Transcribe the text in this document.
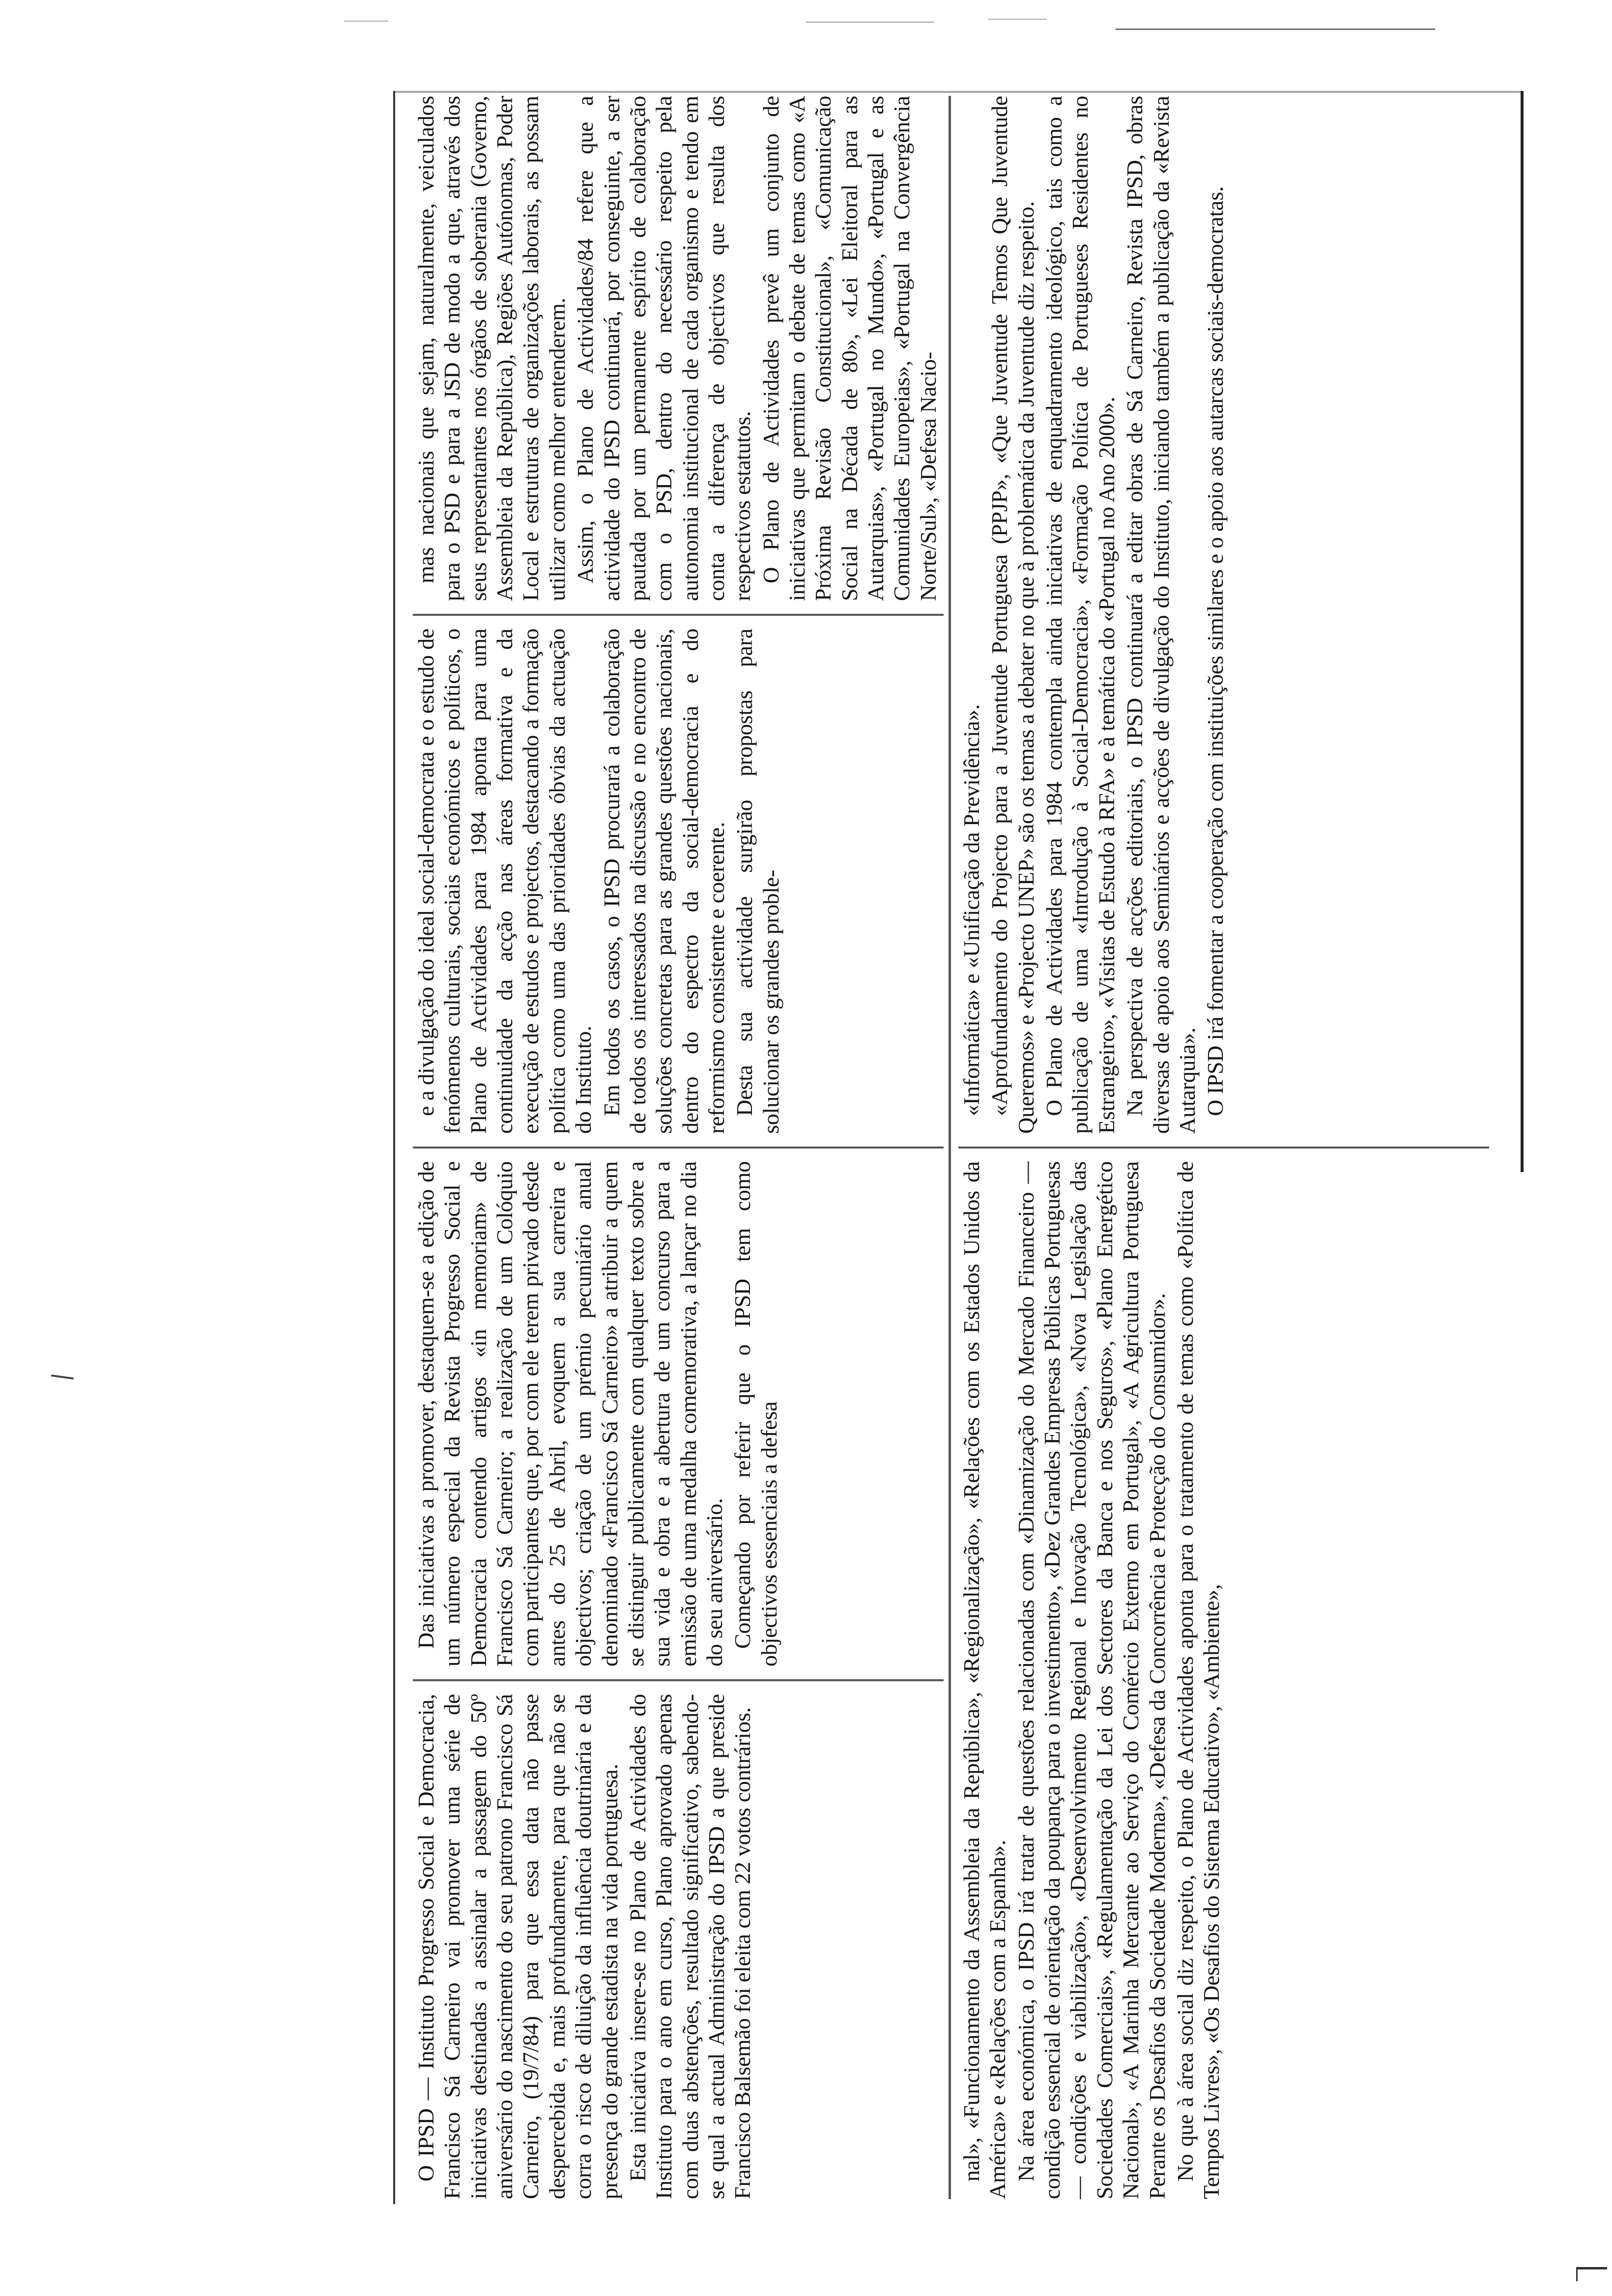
O IPSD — Instituto Progresso Social e Democracia, Francisco Sá Carneiro vai promover uma série de iniciativas destinadas a assinalar a passagem do 50º aniversário do nascimento do seu patrono Francisco Sá Carneiro, (19/7/84) para que essa data não passe despercebida e, mais profundamente, para que não se corra o risco de diluição da influência doutrinária e da presença do grande estadista na vida portuguesa. Esta iniciativa insere-se no Plano de Actividades do Instituto para o ano em curso, Plano aprovado apenas com duas abstenções, resultado significativo, sabendo-se qual a actual Administração do IPSD a que preside Francisco Balsemão foi eleita com 22 votos contrários.

Das iniciativas a promover, destaquem-se a edição de um número especial da Revista Progresso Social e Democracia contendo artigos «in memoriam» de Francisco Sá Carneiro; a realização de um Colóquio com participantes que, por com ele terem privado desde antes do 25 de Abril, evoquem a sua carreira e objectivos; criação de um prémio pecuniário anual denominado «Francisco Sá Carneiro» a atribuir a quem se distinguir publicamente com qualquer texto sobre a sua vida e obra e a abertura de um concurso para a emissão de uma medalha comemorativa, a lançar no dia do seu aniversário. Começando por referir que o IPSD tem como objectivos essenciais a defesa

e a divulgação do ideal social-democrata e o estudo de fenómenos culturais, sociais económicos e políticos, o Plano de Actividades para 1984 aponta para uma continuidade da acção nas áreas formativa e da execução de estudos e projectos, destacando a formação política como uma das prioridades óbvias da actuação do Instituto. Em todos os casos, o IPSD procurará a colaboração de todos os interessados na discussão e no encontro de soluções concretas para as grandes questões nacionais, dentro do espectro da social-democracia e do reformismo consistente e coerente. Desta sua actividade surgirão propostas para solucionar os grandes proble-

mas nacionais que sejam, naturalmente, veiculados para o PSD e para a JSD de modo a que, através dos seus representantes nos órgãos de soberania (Governo, Assembleia da República), Regiões Autónomas, Poder Local e estruturas de organizações laborais, as possam utilizar como melhor entenderem. Assim, o Plano de Actividades/84 refere que a actividade do IPSD continuará, por conseguinte, a ser pautada por um permanente espírito de colaboração com o PSD, dentro do necessário respeito pela autonomia institucional de cada organismo e tendo em conta a diferença de objectivos que resulta dos respectivos estatutos. O Plano de Actividades prevê um conjunto de iniciativas que permitam o debate de temas como «A Próxima Revisão Constitucional», «Comunicação Social na Década de 80», «Lei Eleitoral para as Autarquias», «Portugal no Mundo», «Portugal e as Comunidades Europeias», «Portugal na Convergência Norte/Sul», «Defesa Nacio-

nal», «Funcionamento da Assembleia da República», «Regionalização», «Relações com os Estados Unidos da América» e «Relações com a Espanha». Na área económica, o IPSD irá tratar de questões relacionadas com «Dinamização do Mercado Financeiro — condição essencial de orientação da poupança para o investimento», «Dez Grandes Empresas Públicas Portuguesas — condições e viabilização», «Desenvolvimento Regional e Inovação Tecnológica», «Nova Legislação das Sociedades Comerciais», «Regulamentação da Lei dos Sectores da Banca e nos Seguros», «Plano Energético Nacional», «A Marinha Mercante ao Serviço do Comércio Externo em Portugal», «A Agricultura Portuguesa Perante os Desafios da Sociedade Moderna», «Defesa da Concorrência e Protecção do Consumidor». No que à área social diz respeito, o Plano de Actividades aponta para o tratamento de temas como «Política de Tempos Livres», «Os Desafios do Sistema Educativo», «Ambiente»,

«Informática» e «Unificação da Previdência». «Aprofundamento do Projecto para a Juventude Portuguesa (PPJP», «Que Juventude Temos Que Juventude Queremos» e «Projecto UNEP» são os temas a debater no que à problemática da Juventude diz respeito. O Plano de Actividades para 1984 contempla ainda iniciativas de enquadramento ideológico, tais como a publicação de uma «Introdução à Social-Democracia», «Formação Política de Portugueses Residentes no Estrangeiro», «Visitas de Estudo à RFA» e à temática do «Portugal no Ano 2000». Na perspectiva de acções editoriais, o IPSD continuará a editar obras de Sá Carneiro, Revista IPSD, obras diversas de apoio aos Seminários e acções de divulgação do Instituto, iniciando também a publicação da «Revista Autarquia». O IPSD irá fomentar a cooperação com instituições similares e o apoio aos autarcas sociais-democratas.
